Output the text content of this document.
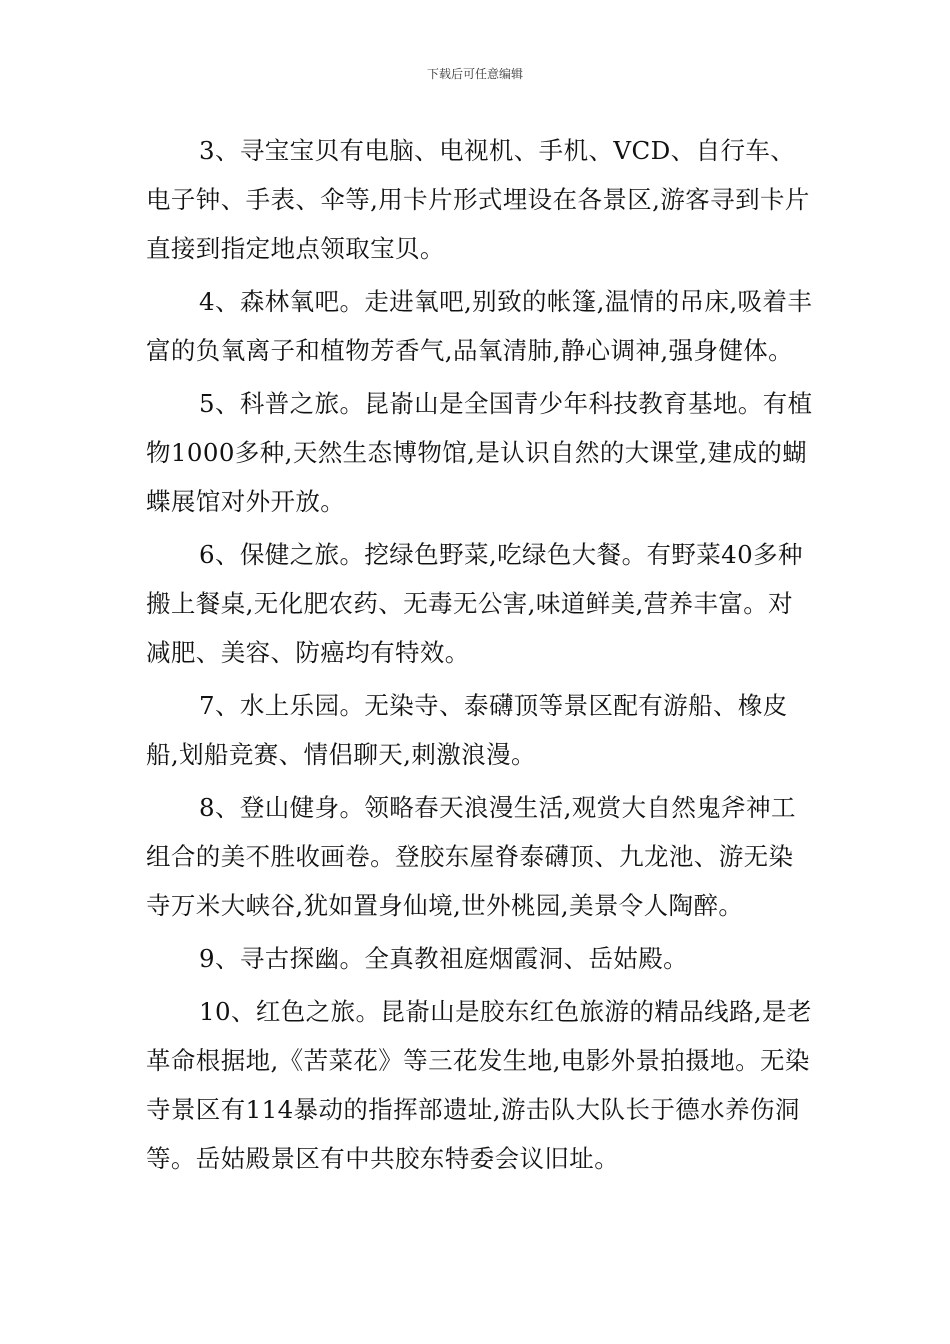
下载后可任意编辑

3、寻宝宝贝有电脑、电视机、手机、VCD、自行车、电子钟、手表、伞等,用卡片形式埋设在各景区,游客寻到卡片直接到指定地点领取宝贝。

4、森林氧吧。走进氧吧,别致的帐篷,温情的吊床,吸着丰富的负氧离子和植物芳香气,品氧清肺,静心调神,强身健体。

5、科普之旅。昆嵛山是全国青少年科技教育基地。有植物1000多种,天然生态博物馆,是认识自然的大课堂,建成的蝴蝶展馆对外开放。

6、保健之旅。挖绿色野菜,吃绿色大餐。有野菜40多种搬上餐桌,无化肥农药、无毒无公害,味道鲜美,营养丰富。对减肥、美容、防癌均有特效。

7、水上乐园。无染寺、泰礴顶等景区配有游船、橡皮船,划船竞赛、情侣聊天,刺激浪漫。

8、登山健身。领略春天浪漫生活,观赏大自然鬼斧神工组合的美不胜收画卷。登胶东屋脊泰礴顶、九龙池、游无染寺万米大峡谷,犹如置身仙境,世外桃园,美景令人陶醉。

9、寻古探幽。全真教祖庭烟霞洞、岳姑殿。

10、红色之旅。昆嵛山是胶东红色旅游的精品线路,是老革命根据地,《苦菜花》等三花发生地,电影外景拍摄地。无染寺景区有114暴动的指挥部遗址,游击队大队长于德水养伤洞等。岳姑殿景区有中共胶东特委会议旧址。
